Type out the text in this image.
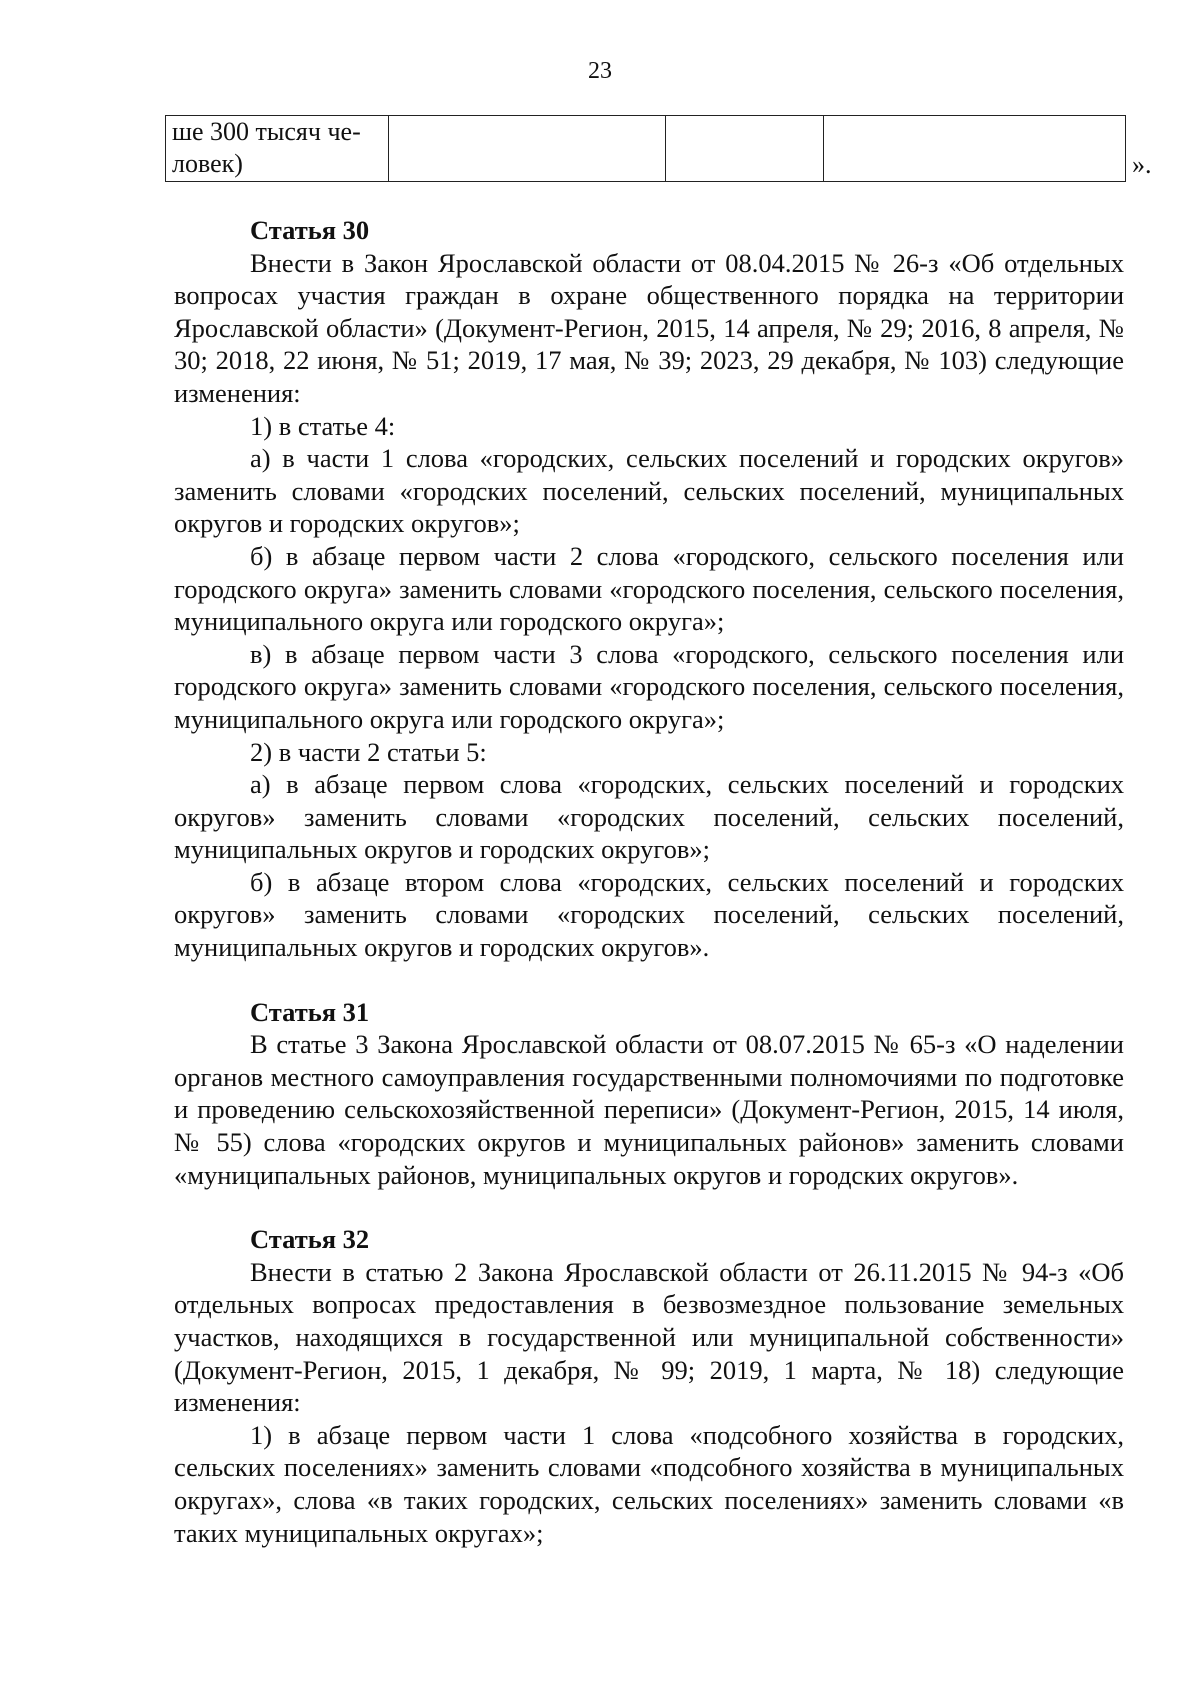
23
ше 300 тысяч че-
ловек)
				».

Статья 30

Внести в Закон Ярославской области от 08.04.2015 № 26-з «Об отдельных вопросах участия граждан в охране общественного порядка на территории Ярославской области» (Документ-Регион, 2015, 14 апреля, № 29; 2016, 8 апреля, № 30; 2018, 22 июня, № 51; 2019, 17 мая, № 39; 2023, 29 декабря, № 103) следующие изменения:

1) в статье 4:

а) в части 1 слова «городских, сельских поселений и городских округов» заменить словами «городских поселений, сельских поселений, муниципальных округов и городских округов»;

б) в абзаце первом части 2 слова «городского, сельского поселения или городского округа» заменить словами «городского поселения, сельского поселения, муниципального округа или городского округа»;

в) в абзаце первом части 3 слова «городского, сельского поселения или городского округа» заменить словами «городского поселения, сельского поселения, муниципального округа или городского округа»;

2) в части 2 статьи 5:

а) в абзаце первом слова «городских, сельских поселений и городских округов» заменить словами «городских поселений, сельских поселений, муниципальных округов и городских округов»;

б) в абзаце втором слова «городских, сельских поселений и городских округов» заменить словами «городских поселений, сельских поселений, муниципальных округов и городских округов».

Статья 31

В статье 3 Закона Ярославской области от 08.07.2015 № 65-з «О наделении органов местного самоуправления государственными полномочиями по подготовке и проведению сельскохозяйственной переписи» (Документ-Регион, 2015, 14 июля, № 55) слова «городских округов и муниципальных районов» заменить словами «муниципальных районов, муниципальных округов и городских округов».

Статья 32

Внести в статью 2 Закона Ярославской области от 26.11.2015 № 94-з «Об отдельных вопросах предоставления в безвозмездное пользование земельных участков, находящихся в государственной или муниципальной собственности» (Документ-Регион, 2015, 1 декабря, № 99; 2019, 1 марта, № 18) следующие изменения:

1) в абзаце первом части 1 слова «подсобного хозяйства в городских, сельских поселениях» заменить словами «подсобного хозяйства в муниципальных округах», слова «в таких городских, сельских поселениях» заменить словами «в таких муниципальных округах»;
